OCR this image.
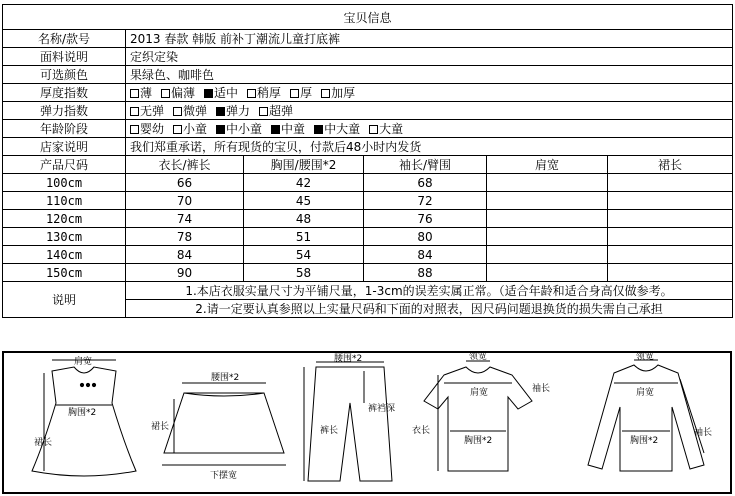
宝贝信息					
名称/款号	2013 春款 韩版 前补丁潮流儿童打底裤				
面料说明	定织定染				
可选颜色	果绿色、咖啡色				
厚度指数	薄 偏薄 适中 稍厚 厚 加厚				
弹力指数	无弹 微弹 弹力 超弹				
年龄阶段	婴幼 小童 中小童 中童 中大童 大童				
店家说明	我们郑重承诺，所有现货的宝贝，付款后48小时内发货				
产品尺码	衣长/裤长	胸围/腰围*2	袖长/臂围	肩宽	裙长
100cm	66	42	68		
110cm	70	45	72		
120cm	74	48	76		
130cm	78	51	80		
140cm	84	54	84		
150cm	90	58	88		
说明	1.本店衣服实量尺寸为平铺尺量，1-3cm的误差实属正常。（适合年龄和适合身高仅做参考。				
	2.请一定要认真参照以上实量尺码和下面的对照表，因尺码问题退换货的损失需自己承担				
肩宽
胸围*2
裙长
腰围*2
裙长
下摆宽
腰围*2
裤长
裤裆深
领宽
肩宽	袖长
胸围*2
衣长
领宽
肩宽
胸围*2
袖长
